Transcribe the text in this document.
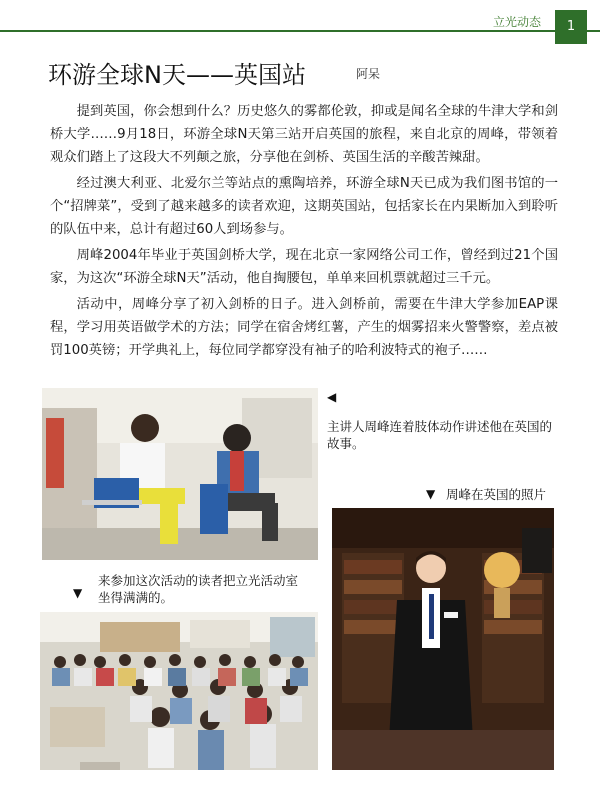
立光动态	1
环游全球N天——英国站	阿呆

提到英国，你会想到什么？历史悠久的雾都伦敦，抑或是闻名全球的牛津大学和剑桥大学……9月18日，环游全球N天第三站开启英国的旅程，来自北京的周峰，带领着观众们踏上了这段大不列颠之旅，分享他在剑桥、英国生活的辛酸苦辣甜。

经过澳大利亚、北爱尔兰等站点的熏陶培养，环游全球N天已成为我们图书馆的一个“招牌菜”，受到了越来越多的读者欢迎，这期英国站，包括家长在内果断加入到聆听的队伍中来，总计有超过60人到场参与。

周峰2004年毕业于英国剑桥大学，现在北京一家网络公司工作，曾经到过21个国家，为这次“环游全球N天”活动，他自掏腰包，单单来回机票就超过三千元。

活动中，周峰分享了初入剑桥的日子。进入剑桥前，需要在牛津大学参加EAP课程，学习用英语做学术的方法；同学在宿舍烤红薯，产生的烟雾招来火警警察，差点被罚100英镑；开学典礼上，每位同学都穿没有袖子的哈利波特式的袍子……

◀
主讲人周峰连着肢体动作讲述他在英国的故事。
▼ 周峰在英国的照片
来参加这次活动的读者把立光活动室坐得满满的。
▼
